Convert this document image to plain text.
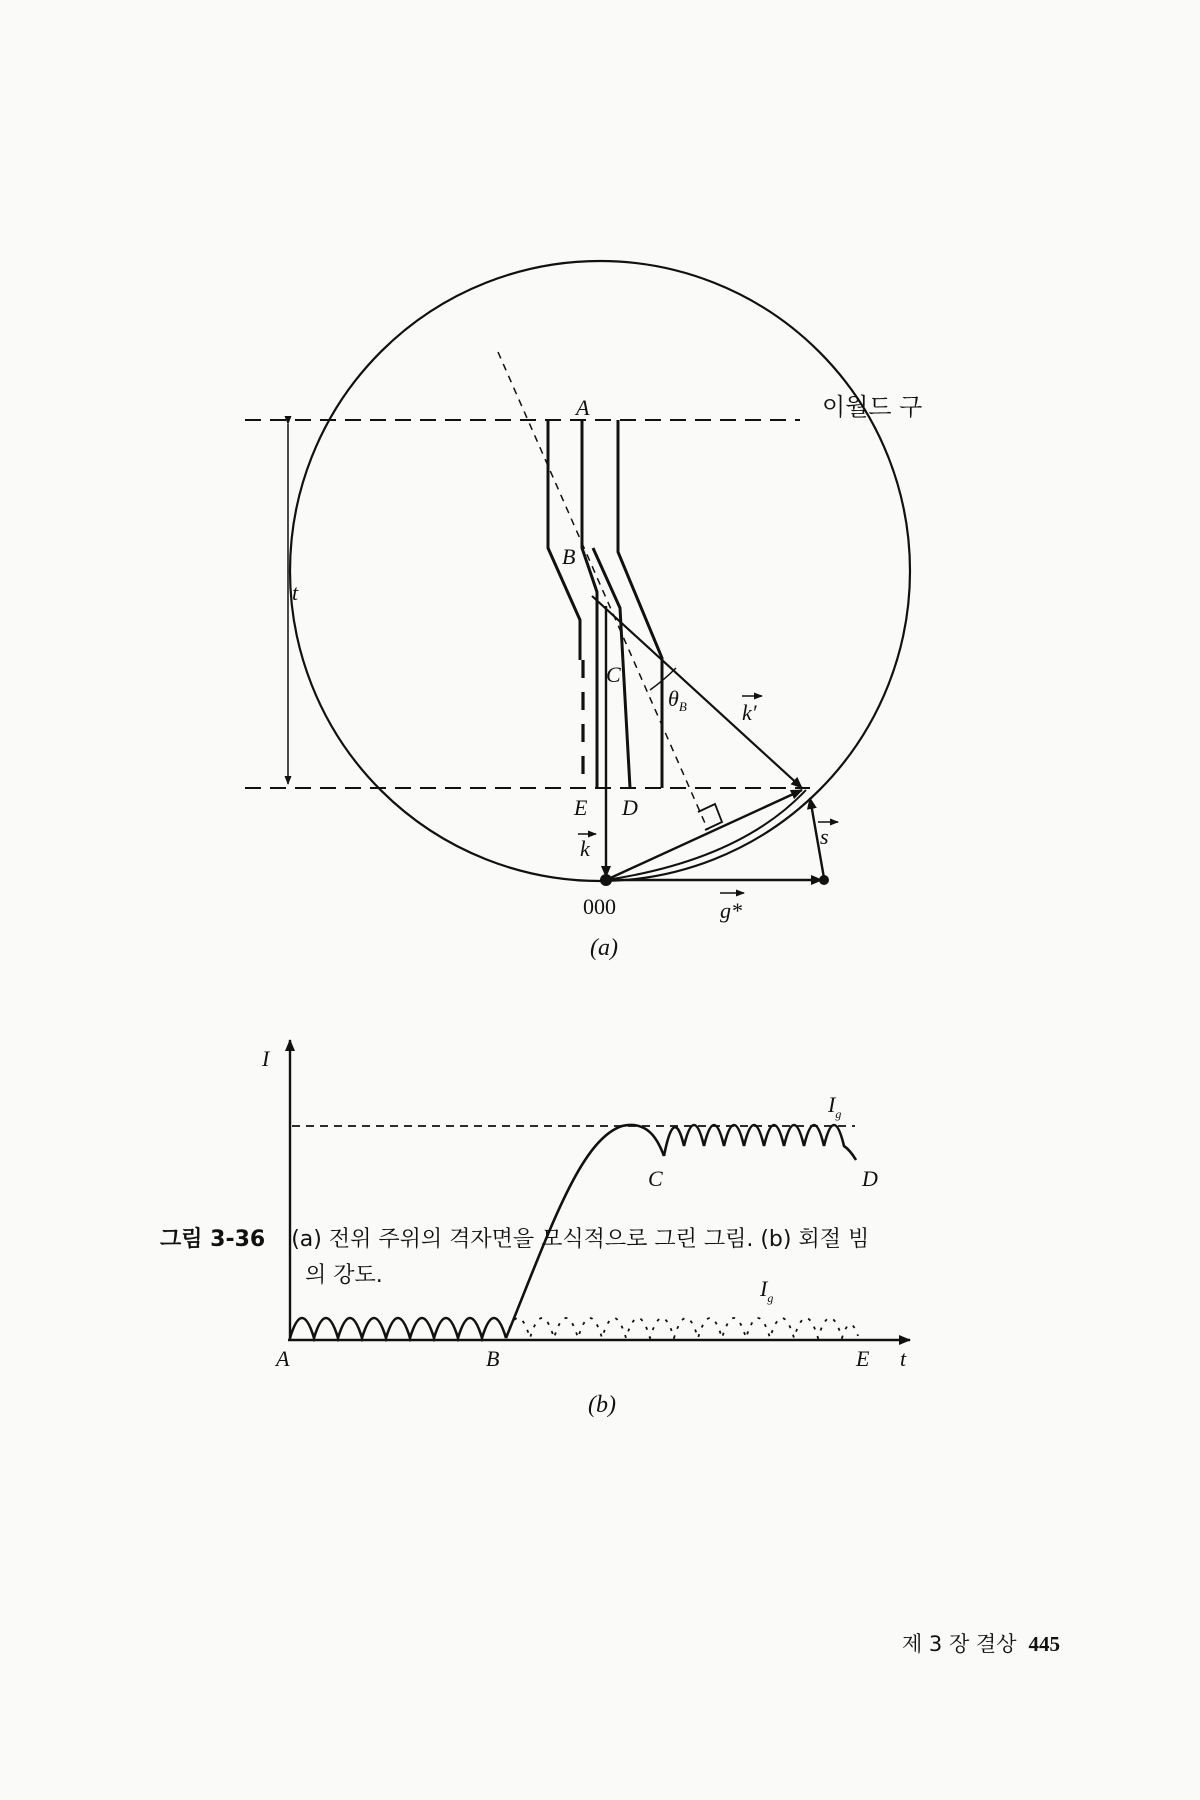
이월드 구
A
B
C
D
E
t
$\theta_B$	k′
k	s
g*
000
(a)
I
t
$I_g$
$I_g$
A	B
C	D
E
(b)
그림 3-36 (a) 전위 주위의 격자면을 모식적으로 그린 그림. (b) 회절 빔
의 강도.
제 3 장 결상 445
